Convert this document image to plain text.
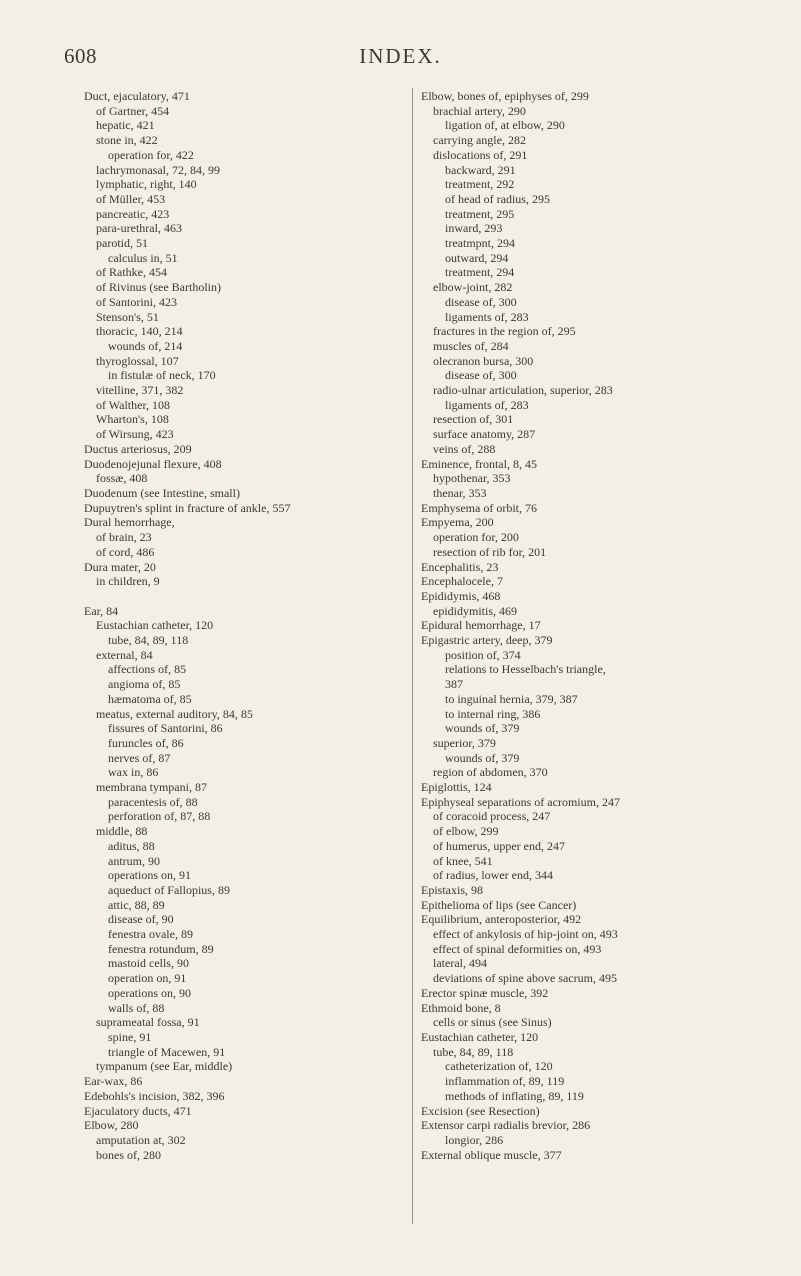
608	INDEX.
Duct, ejaculatory, 471
of Gartner, 454
hepatic, 421
stone in, 422
operation for, 422
lachrymonasal, 72, 84, 99
lymphatic, right, 140
of Müller, 453
pancreatic, 423
para-urethral, 463
parotid, 51
calculus in, 51
of Rathke, 454
of Rivinus (see Bartholin)
of Santorini, 423
Stenson's, 51
thoracic, 140, 214
wounds of, 214
thyroglossal, 107
in fistulæ of neck, 170
vitelline, 371, 382
of Walther, 108
Wharton's, 108
of Wirsung, 423
Ductus arteriosus, 209
Duodenojejunal flexure, 408
fossæ, 408
Duodenum (see Intestine, small)
Dupuytren's splint in fracture of ankle, 557
Dural hemorrhage,
of brain, 23
of cord, 486
Dura mater, 20
in children, 9
Ear, 84
Eustachian catheter, 120
tube, 84, 89, 118
external, 84
affections of, 85
angioma of, 85
hæmatoma of, 85
meatus, external auditory, 84, 85
fissures of Santorini, 86
furuncles of, 86
nerves of, 87
wax in, 86
membrana tympani, 87
paracentesis of, 88
perforation of, 87, 88
middle, 88
aditus, 88
antrum, 90
operations on, 91
aqueduct of Fallopius, 89
attic, 88, 89
disease of, 90
fenestra ovale, 89
fenestra rotundum, 89
mastoid cells, 90
operation on, 91
operations on, 90
walls of, 88
suprameatal fossa, 91
spine, 91
triangle of Macewen, 91
tympanum (see Ear, middle)
Ear-wax, 86
Edebohls's incision, 382, 396
Ejaculatory ducts, 471
Elbow, 280
amputation at, 302
bones of, 280
Elbow, bones of, epiphyses of, 299
brachial artery, 290
ligation of, at elbow, 290
carrying angle, 282
dislocations of, 291
backward, 291
treatment, 292
of head of radius, 295
treatment, 295
inward, 293
treatmpnt, 294
outward, 294
treatment, 294
elbow-joint, 282
disease of, 300
ligaments of, 283
fractures in the region of, 295
muscles of, 284
olecranon bursa, 300
disease of, 300
radio-ulnar articulation, superior, 283
ligaments of, 283
resection of, 301
surface anatomy, 287
veins of, 288
Eminence, frontal, 8, 45
hypothenar, 353
thenar, 353
Emphysema of orbit, 76
Empyema, 200
operation for, 200
resection of rib for, 201
Encephalitis, 23
Encephalocele, 7
Epididymis, 468
epididymitis, 469
Epidural hemorrhage, 17
Epigastric artery, deep, 379
position of, 374
relations to Hesselbach's triangle,
387
to inguinal hernia, 379, 387
to internal ring, 386
wounds of, 379
superior, 379
wounds of, 379
region of abdomen, 370
Epiglottis, 124
Epiphyseal separations of acromium, 247
of coracoid process, 247
of elbow, 299
of humerus, upper end, 247
of knee, 541
of radius, lower end, 344
Epistaxis, 98
Epithelioma of lips (see Cancer)
Equilibrium, anteroposterior, 492
effect of ankylosis of hip-joint on, 493
effect of spinal deformities on, 493
lateral, 494
deviations of spine above sacrum, 495
Erector spinæ muscle, 392
Ethmoid bone, 8
cells or sinus (see Sinus)
Eustachian catheter, 120
tube, 84, 89, 118
catheterization of, 120
inflammation of, 89, 119
methods of inflating, 89, 119
Excision (see Resection)
Extensor carpi radialis brevior, 286
longior, 286
External oblique muscle, 377
